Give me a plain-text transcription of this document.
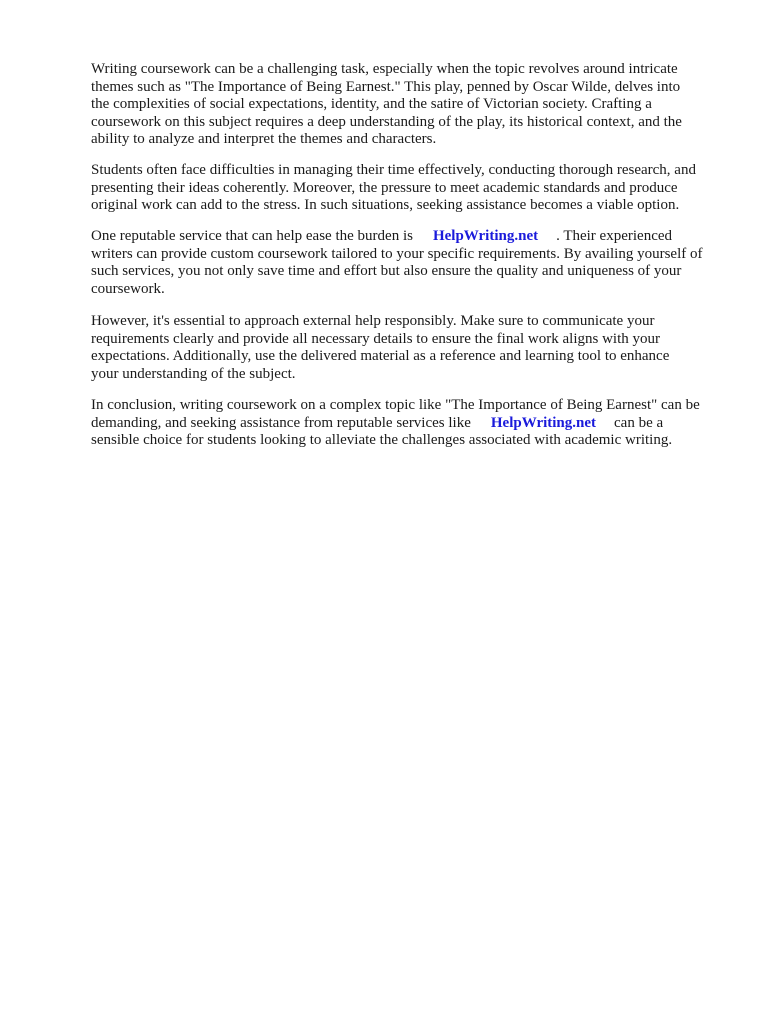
Writing coursework can be a challenging task, especially when the topic revolves around intricate
themes such as "The Importance of Being Earnest." This play, penned by Oscar Wilde, delves into
the complexities of social expectations, identity, and the satire of Victorian society. Crafting a
coursework on this subject requires a deep understanding of the play, its historical context, and the
ability to analyze and interpret the themes and characters.

Students often face difficulties in managing their time effectively, conducting thorough research, and
presenting their ideas coherently. Moreover, the pressure to meet academic standards and produce
original work can add to the stress. In such situations, seeking assistance becomes a viable option.

One reputable service that can help ease the burden is HelpWriting.net . Their experienced
writers can provide custom coursework tailored to your specific requirements. By availing yourself of
such services, you not only save time and effort but also ensure the quality and uniqueness of your
coursework.

However, it's essential to approach external help responsibly. Make sure to communicate your
requirements clearly and provide all necessary details to ensure the final work aligns with your
expectations. Additionally, use the delivered material as a reference and learning tool to enhance
your understanding of the subject.

In conclusion, writing coursework on a complex topic like "The Importance of Being Earnest" can be
demanding, and seeking assistance from reputable services like HelpWriting.net can be a
sensible choice for students looking to alleviate the challenges associated with academic writing.
